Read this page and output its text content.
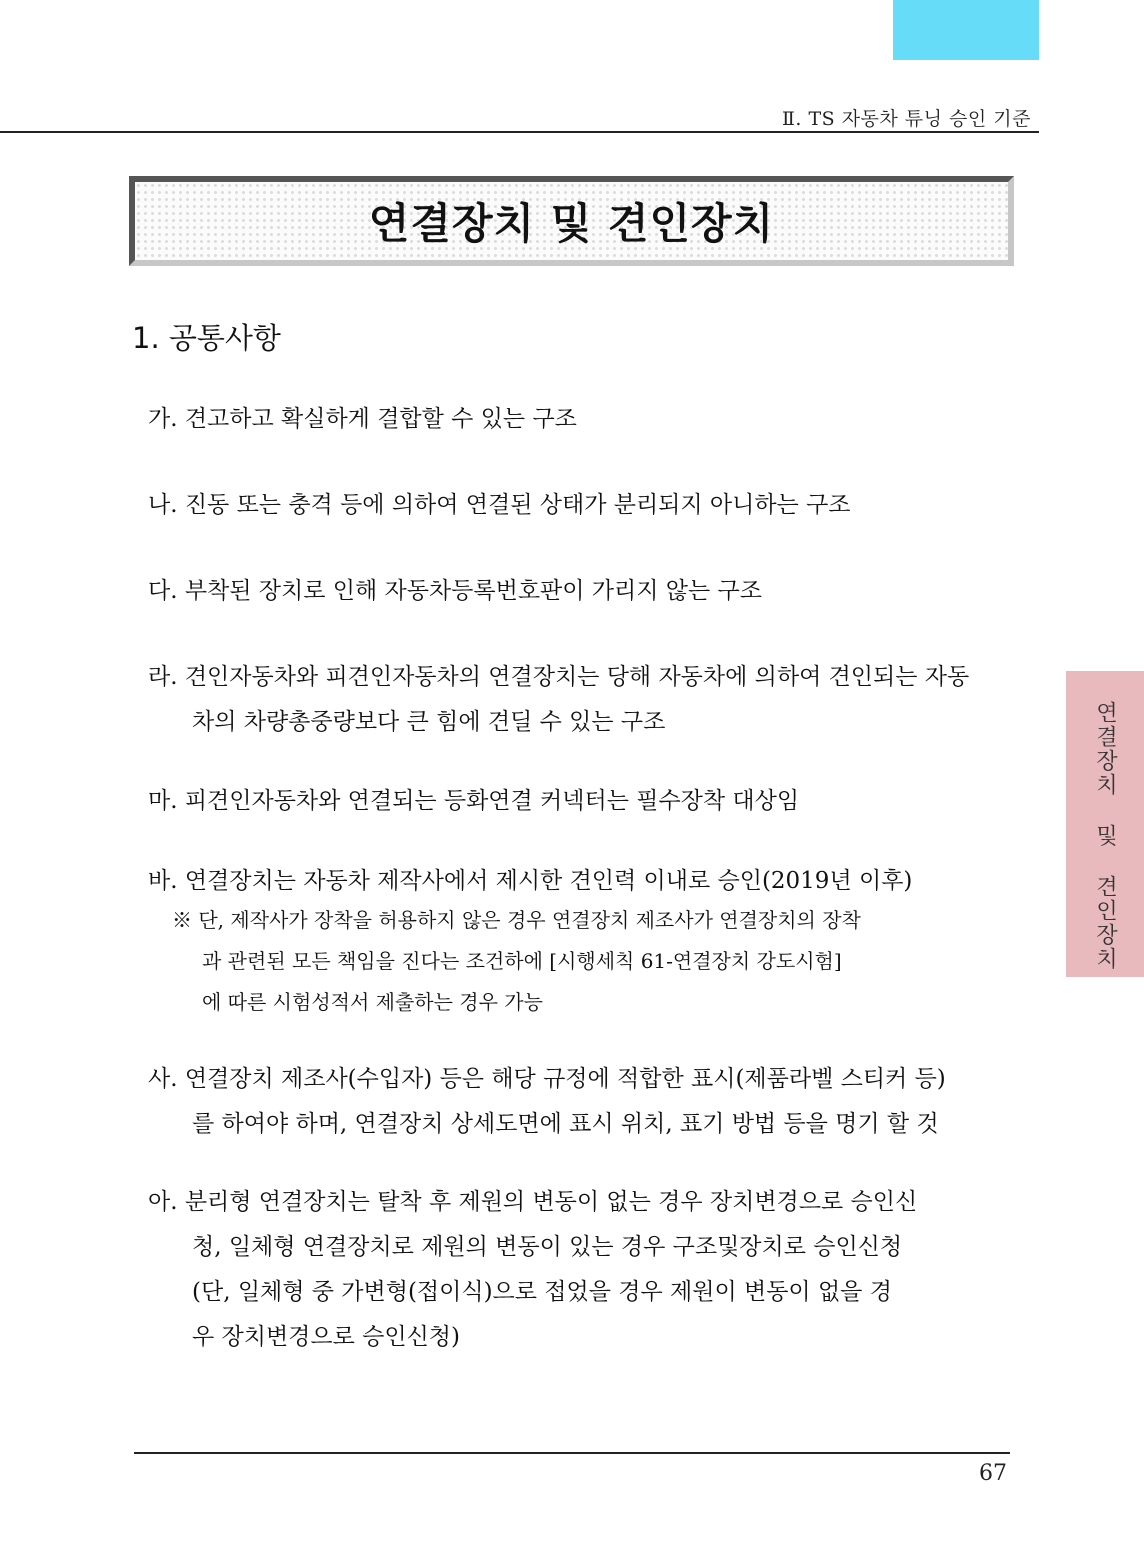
Ⅱ. TS 자동차 튜닝 승인 기준
연결장치 및 견인장치
1. 공통사항
가. 견고하고 확실하게 결합할 수 있는 구조
나. 진동 또는 충격 등에 의하여 연결된 상태가 분리되지 아니하는 구조
다. 부착된 장치로 인해 자동차등록번호판이 가리지 않는 구조
라. 견인자동차와 피견인자동차의 연결장치는 당해 자동차에 의하여 견인되는 자동
차의 차량총중량보다 큰 힘에 견딜 수 있는 구조
마. 피견인자동차와 연결되는 등화연결 커넥터는 필수장착 대상임
바. 연결장치는 자동차 제작사에서 제시한 견인력 이내로 승인(2019년 이후)
※ 단, 제작사가 장착을 허용하지 않은 경우 연결장치 제조사가 연결장치의 장착
과 관련된 모든 책임을 진다는 조건하에 [시행세칙 61-연결장치 강도시험]
에 따른 시험성적서 제출하는 경우 가능
사. 연결장치 제조사(수입자) 등은 해당 규정에 적합한 표시(제품라벨 스티커 등)
를 하여야 하며, 연결장치 상세도면에 표시 위치, 표기 방법 등을 명기 할 것
아. 분리형 연결장치는 탈착 후 제원의 변동이 없는 경우 장치변경으로 승인신
청, 일체형 연결장치로 제원의 변동이 있는 경우 구조및장치로 승인신청
(단, 일체형 중 가변형(접이식)으로 접었을 경우 제원이 변동이 없을 경
우 장치변경으로 승인신청)
연결장치 및 견인장치
67
